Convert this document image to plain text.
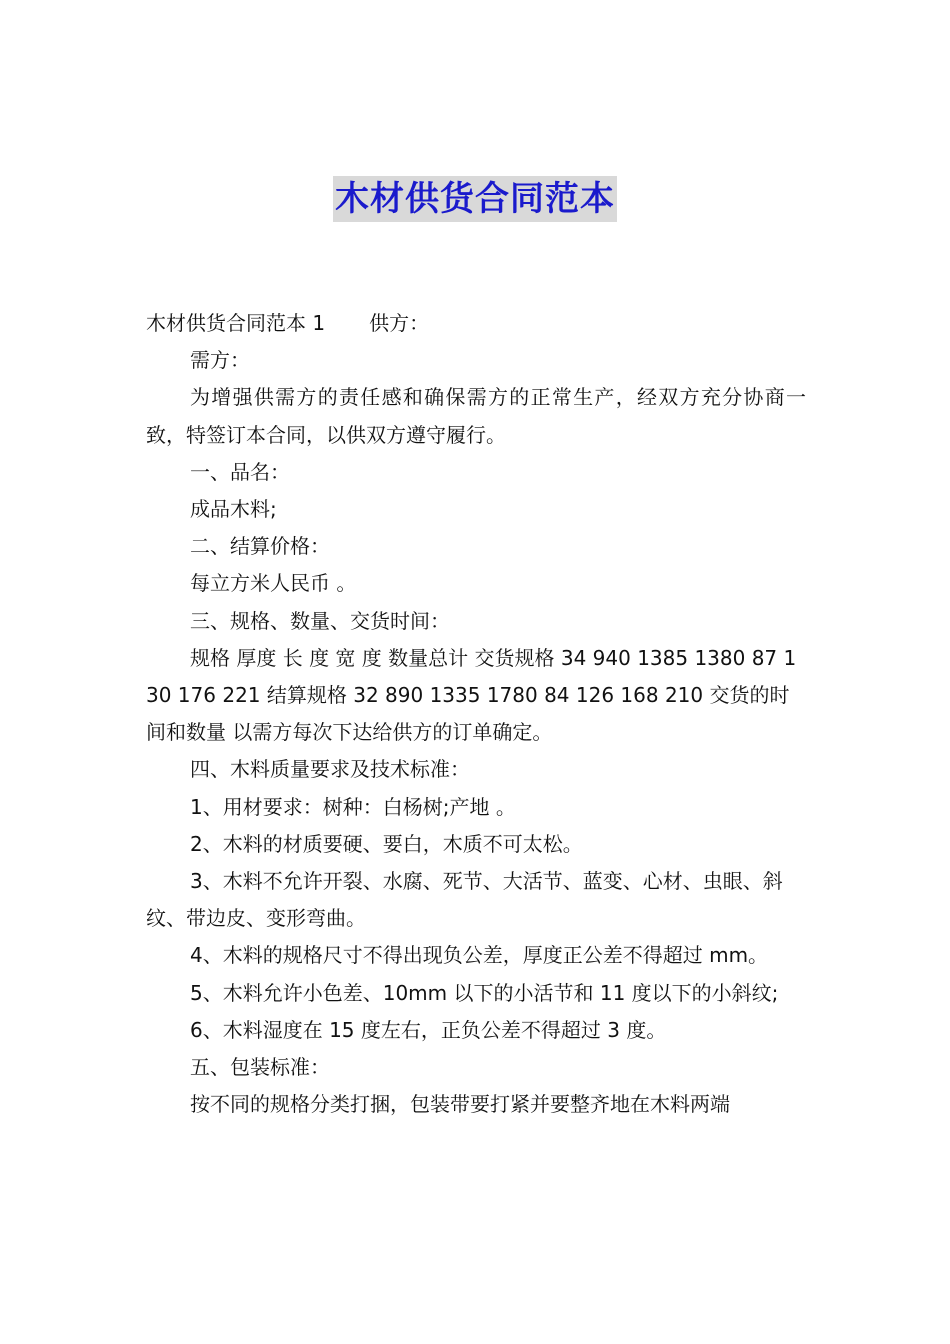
木材供货合同范本

木材供货合同范本 1 供方：

需方：

为增强供需方的责任感和确保需方的正常生产，经双方充分协商一致，特签订本合同，以供双方遵守履行。

一、品名：

成品木料;

二、结算价格：

每立方米人民币 。

三、规格、数量、交货时间：

规格 厚度 长 度 宽 度 数量总计 交货规格 34 940 1385 1380 87 130 176 221 结算规格 32 890 1335 1780 84 126 168 210 交货的时间和数量 以需方每次下达给供方的订单确定。

四、木料质量要求及技术标准：

1、用材要求：树种：白杨树;产地 。

2、木料的材质要硬、要白，木质不可太松。

3、木料不允许开裂、水腐、死节、大活节、蓝变、心材、虫眼、斜纹、带边皮、变形弯曲。

4、木料的规格尺寸不得出现负公差，厚度正公差不得超过 mm。

5、木料允许小色差、10mm 以下的小活节和 11 度以下的小斜纹;

6、木料湿度在 15 度左右，正负公差不得超过 3 度。

五、包装标准：

按不同的规格分类打捆，包装带要打紧并要整齐地在木料两端
